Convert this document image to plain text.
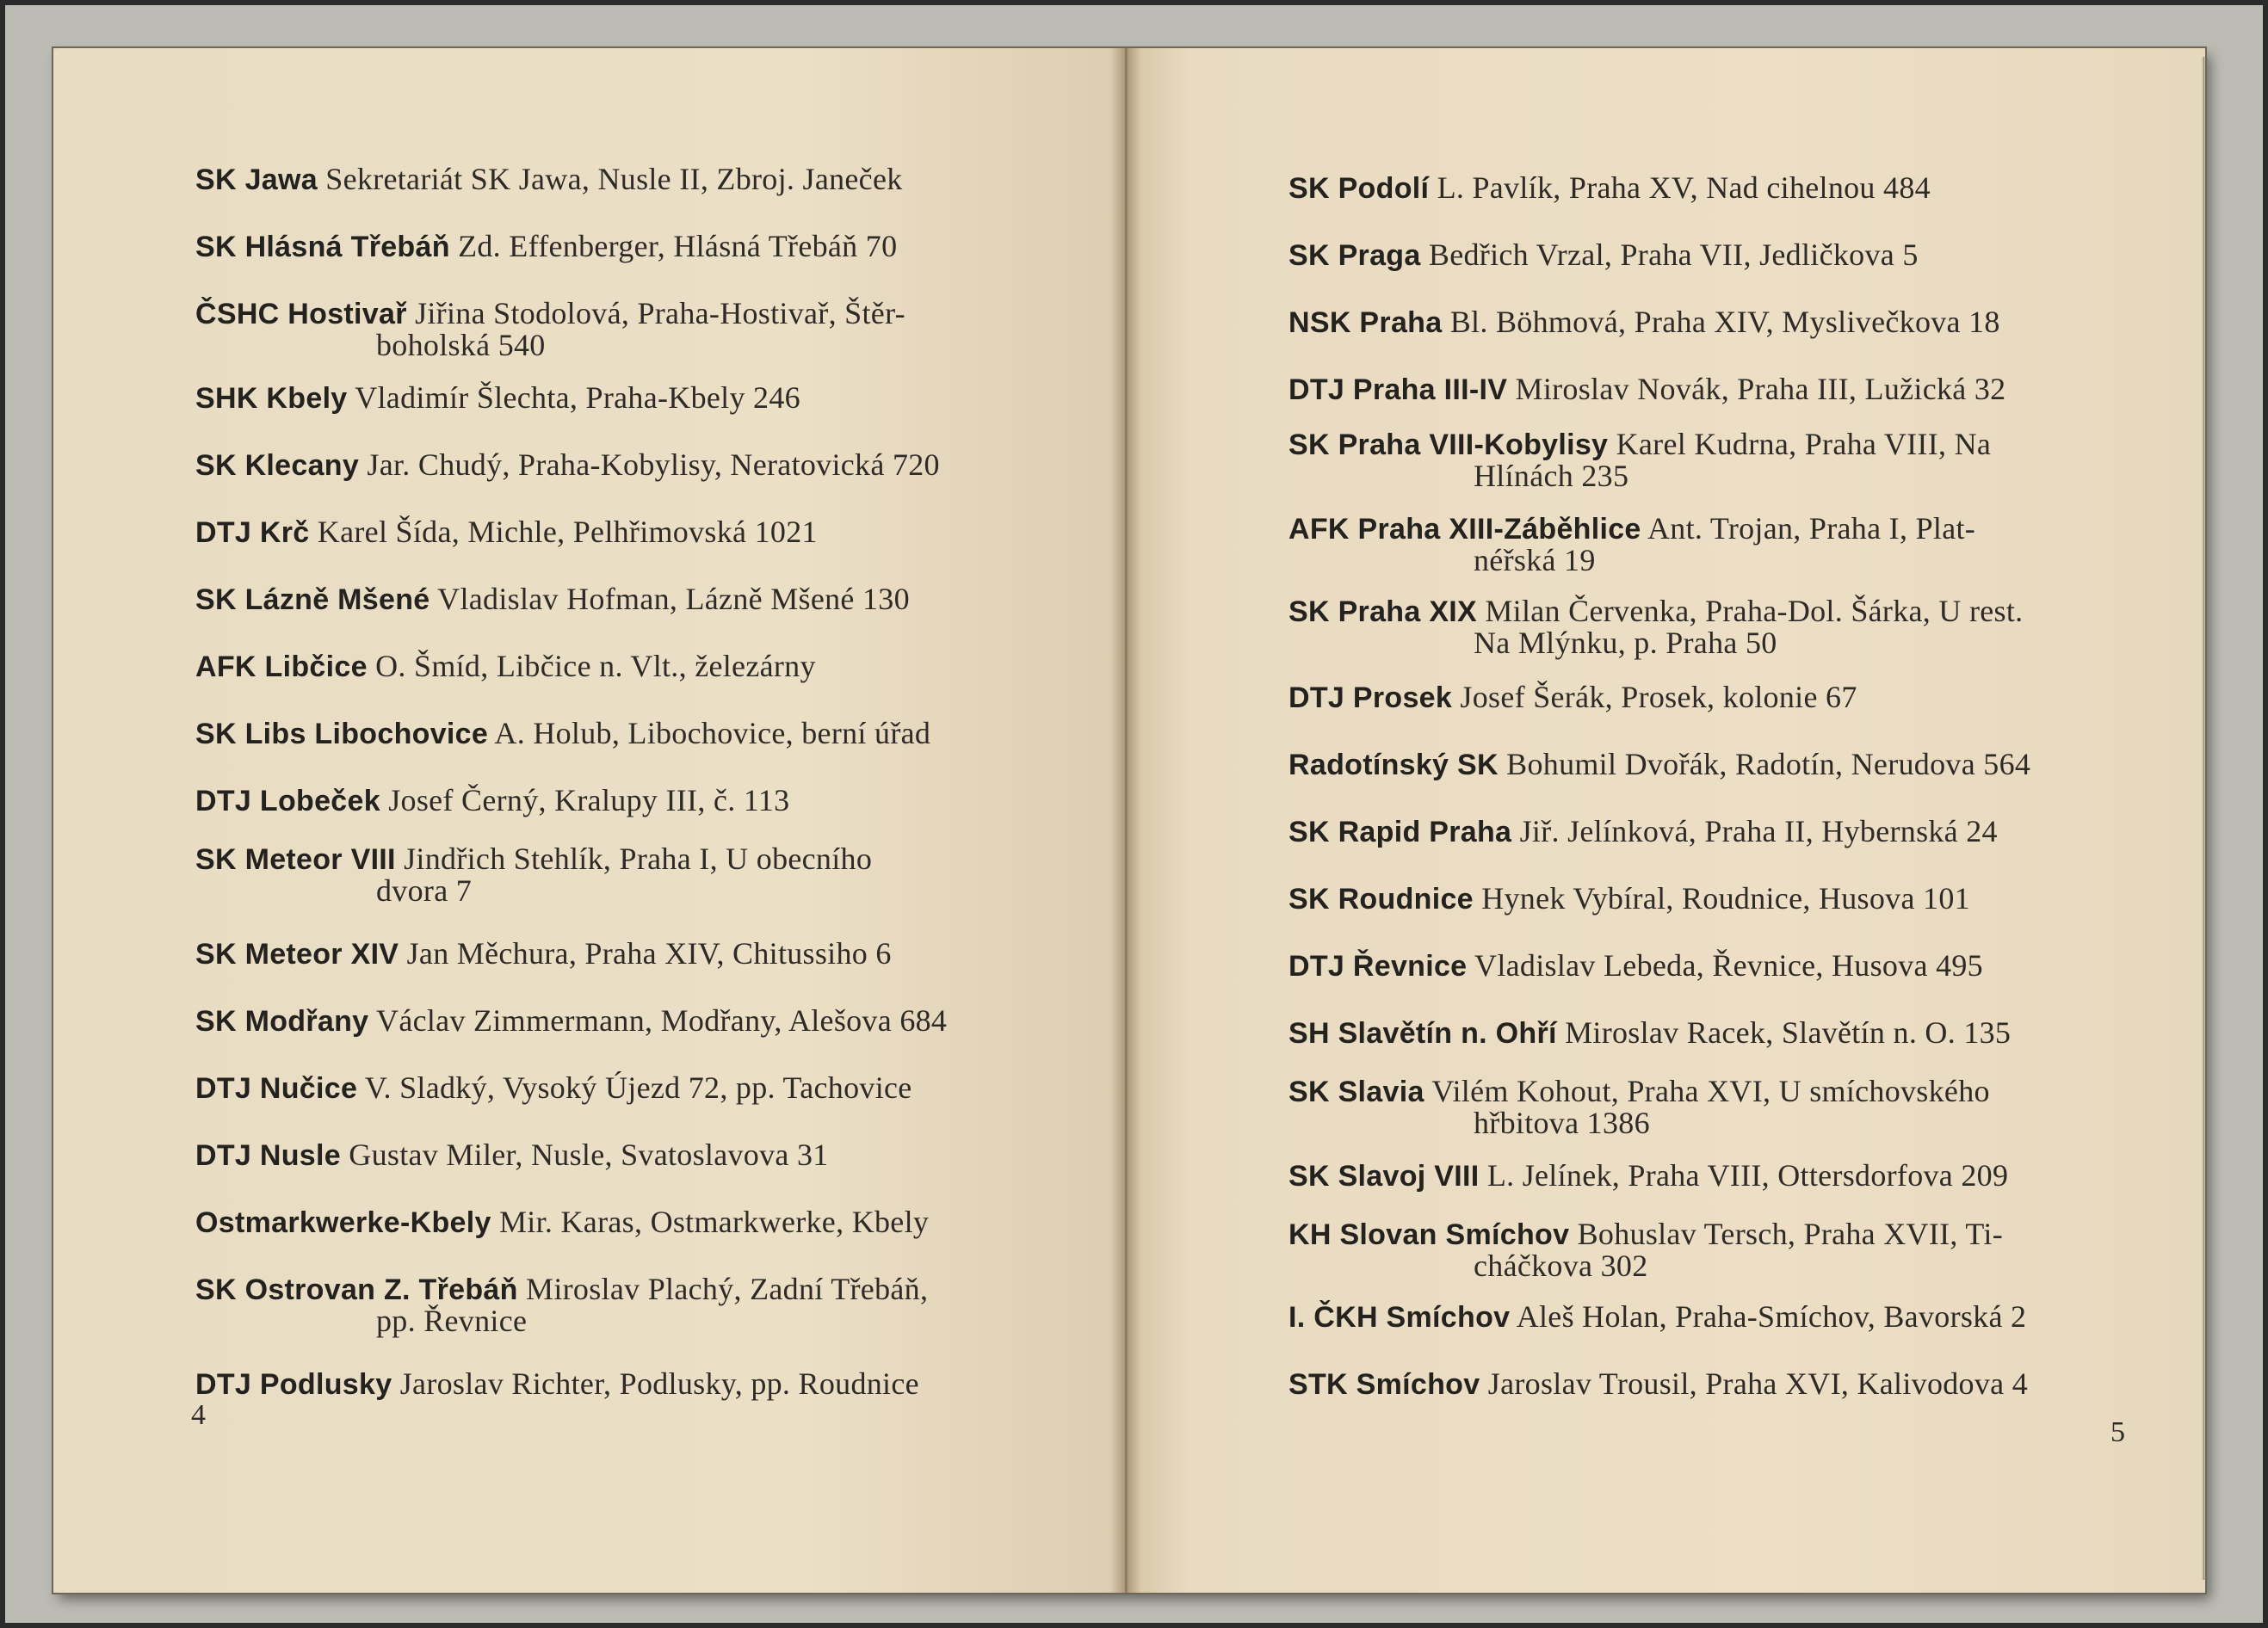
SK Jawa Sekretariát SK Jawa, Nusle II, Zbroj. Janeček
SK Hlásná Třebáň Zd. Effenberger, Hlásná Třebáň 70
ČSHC Hostivař Jiřina Stodolová, Praha-Hostivař, Štěr-
boholská 540
SHK Kbely Vladimír Šlechta, Praha-Kbely 246
SK Klecany Jar. Chudý, Praha-Kobylisy, Neratovická 720
DTJ Krč Karel Šída, Michle, Pelhřimovská 1021
SK Lázně Mšené Vladislav Hofman, Lázně Mšené 130
AFK Libčice O. Šmíd, Libčice n. Vlt., železárny
SK Libs Libochovice A. Holub, Libochovice, berní úřad
DTJ Lobeček Josef Černý, Kralupy III, č. 113
SK Meteor VIII Jindřich Stehlík, Praha I, U obecního
dvora 7
SK Meteor XIV Jan Měchura, Praha XIV, Chitussiho 6
SK Modřany Václav Zimmermann, Modřany, Alešova 684
DTJ Nučice V. Sladký, Vysoký Újezd 72, pp. Tachovice
DTJ Nusle Gustav Miler, Nusle, Svatoslavova 31
Ostmarkwerke-Kbely Mir. Karas, Ostmarkwerke, Kbely
SK Ostrovan Z. Třebáň Miroslav Plachý, Zadní Třebáň,
pp. Řevnice
DTJ Podlusky Jaroslav Richter, Podlusky, pp. Roudnice
4
SK Podolí L. Pavlík, Praha XV, Nad cihelnou 484
SK Praga Bedřich Vrzal, Praha VII, Jedličkova 5
NSK Praha Bl. Böhmová, Praha XIV, Myslivečkova 18
DTJ Praha III-IV Miroslav Novák, Praha III, Lužická 32
SK Praha VIII-Kobylisy Karel Kudrna, Praha VIII, Na
Hlínách 235
AFK Praha XIII-Záběhlice Ant. Trojan, Praha I, Plat-
néřská 19
SK Praha XIX Milan Červenka, Praha-Dol. Šárka, U rest.
Na Mlýnku, p. Praha 50
DTJ Prosek Josef Šerák, Prosek, kolonie 67
Radotínský SK Bohumil Dvořák, Radotín, Nerudova 564
SK Rapid Praha Jiř. Jelínková, Praha II, Hybernská 24
SK Roudnice Hynek Vybíral, Roudnice, Husova 101
DTJ Řevnice Vladislav Lebeda, Řevnice, Husova 495
SH Slavětín n. Ohří Miroslav Racek, Slavětín n. O. 135
SK Slavia Vilém Kohout, Praha XVI, U smíchovského
hřbitova 1386
SK Slavoj VIII L. Jelínek, Praha VIII, Ottersdorfova 209
KH Slovan Smíchov Bohuslav Tersch, Praha XVII, Ti-
cháčkova 302
I. ČKH Smíchov Aleš Holan, Praha-Smíchov, Bavorská 2
STK Smíchov Jaroslav Trousil, Praha XVI, Kalivodova 4
5
